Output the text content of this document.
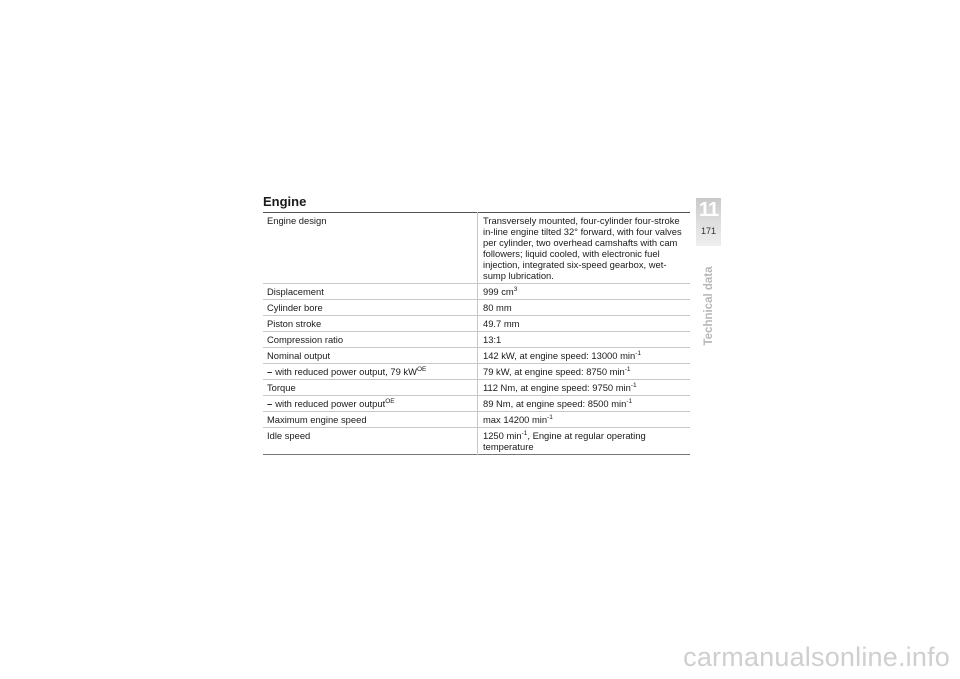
Engine
Engine design	Transversely mounted, four-cylinder four-stroke in-line engine tilted 32° forward, with four valves per cylinder, two overhead camshafts with cam followers; liquid cooled, with electronic fuel injection, integrated six-speed gearbox, wet-sump lubrication.
Displacement	999 $cm^3$
Cylinder bore	80 mm
Piston stroke	49.7 mm
Compression ratio	13:1
Nominal output	142 kW, at engine speed: 13000 $\min^{-1}$
– with reduced power output, 79 $kW^{OE}$	79 kW, at engine speed: 8750 $\min^{-1}$
Torque	112 Nm, at engine speed: 9750 $\min^{-1}$
– with reduced power output$^{OE}$	89 Nm, at engine speed: 8500 $\min^{-1}$
Maximum engine speed	max 14200 $\min^{-1}$
Idle speed	1250 $\min^{-1}$, Engine at regular operating temperature
11
171
Technical data
carmanualsonline.info
